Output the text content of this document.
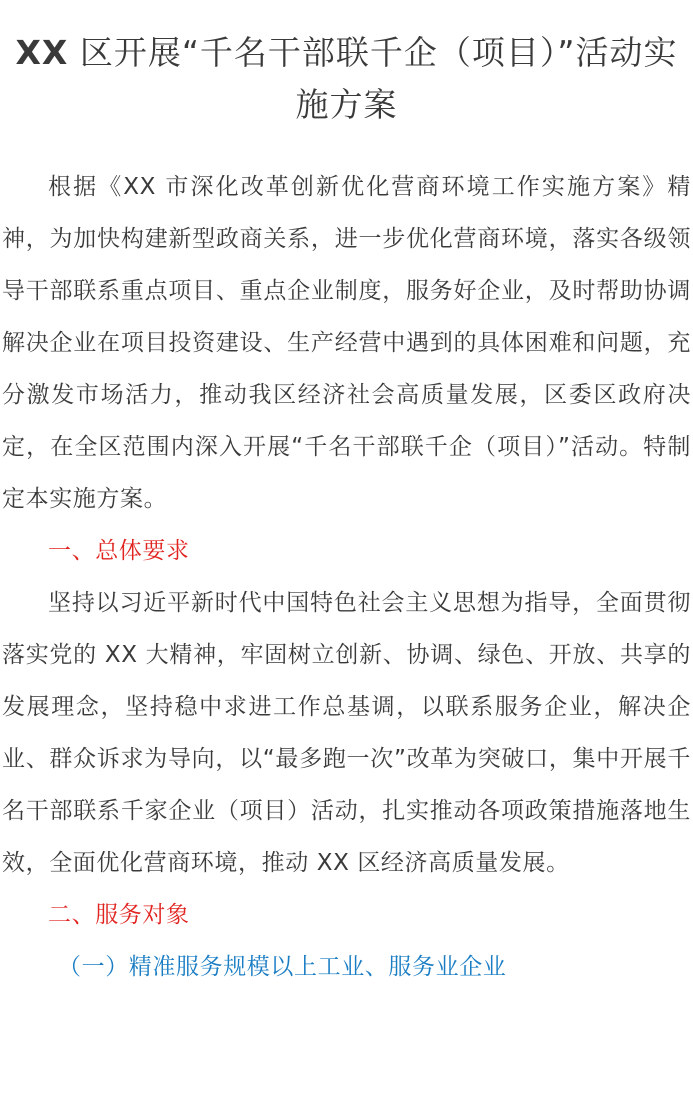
XX 区开展“千名干部联千企（项目）”活动实施方案

根据《XX 市深化改革创新优化营商环境工作实施方案》精神，为加快构建新型政商关系，进一步优化营商环境，落实各级领导干部联系重点项目、重点企业制度，服务好企业，及时帮助协调解决企业在项目投资建设、生产经营中遇到的具体困难和问题，充分激发市场活力，推动我区经济社会高质量发展，区委区政府决定，在全区范围内深入开展“千名干部联千企（项目）”活动。特制定本实施方案。

一、总体要求

坚持以习近平新时代中国特色社会主义思想为指导，全面贯彻落实党的 XX 大精神，牢固树立创新、协调、绿色、开放、共享的发展理念，坚持稳中求进工作总基调，以联系服务企业，解决企业、群众诉求为导向，以“最多跑一次”改革为突破口，集中开展千名干部联系千家企业（项目）活动，扎实推动各项政策措施落地生效，全面优化营商环境，推动 XX 区经济高质量发展。

二、服务对象

（一）精准服务规模以上工业、服务业企业
